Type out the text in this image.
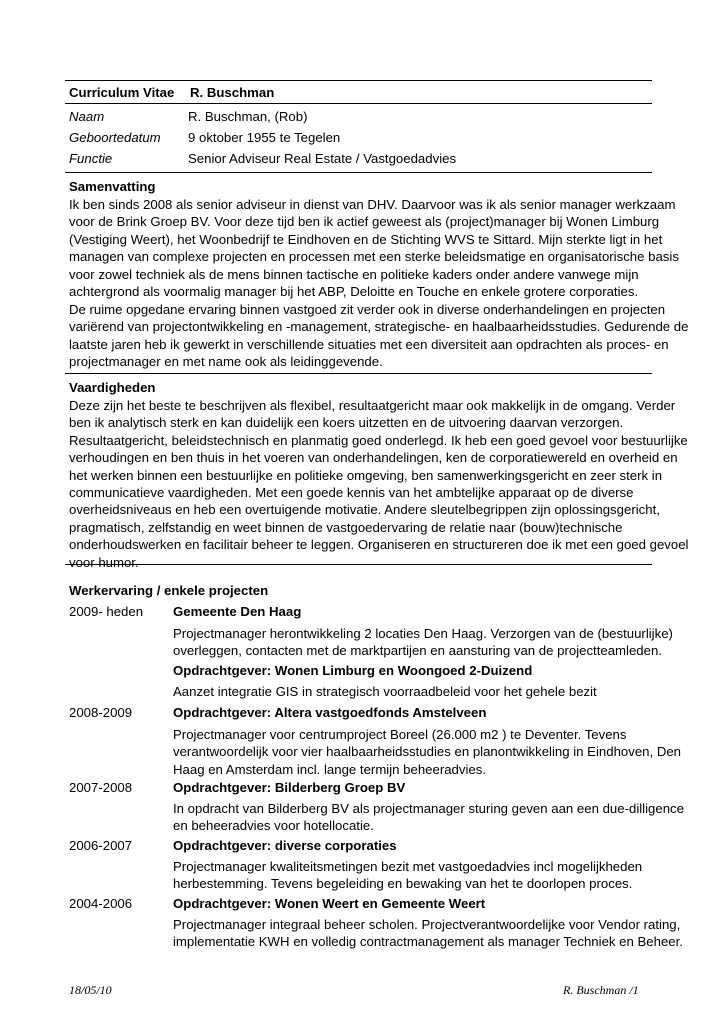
Curriculum Vitae R. Buschman
Naam	R. Buschman, (Rob)
Geboortedatum 9 oktober 1955 te Tegelen
Functie	Senior Adviseur Real Estate / Vastgoedadvies
Samenvatting
Ik ben sinds 2008 als senior adviseur in dienst van DHV. Daarvoor was ik als senior manager werkzaam
voor de Brink Groep BV. Voor deze tijd ben ik actief geweest als (project)manager bij Wonen Limburg
(Vestiging Weert), het Woonbedrijf te Eindhoven en de Stichting WVS te Sittard. Mijn sterkte ligt in het
managen van complexe projecten en processen met een sterke beleidsmatige en organisatorische basis
voor zowel techniek als de mens binnen tactische en politieke kaders onder andere vanwege mijn
achtergrond als voormalig manager bij het ABP, Deloitte en Touche en enkele grotere corporaties.
De ruime opgedane ervaring binnen vastgoed zit verder ook in diverse onderhandelingen en projecten
variërend van projectontwikkeling en -management, strategische- en haalbaarheidsstudies. Gedurende de
laatste jaren heb ik gewerkt in verschillende situaties met een diversiteit aan opdrachten als proces- en
projectmanager en met name ook als leidinggevende.
Vaardigheden
Deze zijn het beste te beschrijven als flexibel, resultaatgericht maar ook makkelijk in de omgang. Verder
ben ik analytisch sterk en kan duidelijk een koers uitzetten en de uitvoering daarvan verzorgen.
Resultaatgericht, beleidstechnisch en planmatig goed onderlegd. Ik heb een goed gevoel voor bestuurlijke
verhoudingen en ben thuis in het voeren van onderhandelingen, ken de corporatiewereld en overheid en
het werken binnen een bestuurlijke en politieke omgeving, ben samenwerkingsgericht en zeer sterk in
communicatieve vaardigheden. Met een goede kennis van het ambtelijke apparaat op de diverse
overheidsniveaus en heb een overtuigende motivatie. Andere sleutelbegrippen zijn oplossingsgericht,
pragmatisch, zelfstandig en weet binnen de vastgoedervaring de relatie naar (bouw)technische
onderhoudswerken en facilitair beheer te leggen. Organiseren en structureren doe ik met een goed gevoel
voor humor.
Werkervaring / enkele projecten
2009- heden Gemeente Den Haag
Projectmanager herontwikkeling 2 locaties Den Haag. Verzorgen van de (bestuurlijke)
overleggen, contacten met de marktpartijen en aansturing van de projectteamleden.
Opdrachtgever: Wonen Limburg en Woongoed 2-Duizend
Aanzet integratie GIS in strategisch voorraadbeleid voor het gehele bezit
2008-2009	Opdrachtgever: Altera vastgoedfonds Amstelveen
Projectmanager voor centrumproject Boreel (26.000 m2 ) te Deventer. Tevens
verantwoordelijk voor vier haalbaarheidsstudies en planontwikkeling in Eindhoven, Den
Haag en Amsterdam incl. lange termijn beheeradvies.
2007-2008	Opdrachtgever: Bilderberg Groep BV
In opdracht van Bilderberg BV als projectmanager sturing geven aan een due-dilligence
en beheeradvies voor hotellocatie.
2006-2007	Opdrachtgever: diverse corporaties
Projectmanager kwaliteitsmetingen bezit met vastgoedadvies incl mogelijkheden
herbestemming. Tevens begeleiding en bewaking van het te doorlopen proces.
2004-2006	Opdrachtgever: Wonen Weert en Gemeente Weert
Projectmanager integraal beheer scholen. Projectverantwoordelijke voor Vendor rating,
implementatie KWH en volledig contractmanagement als manager Techniek en Beheer.
18/05/10	R. Buschman /1
